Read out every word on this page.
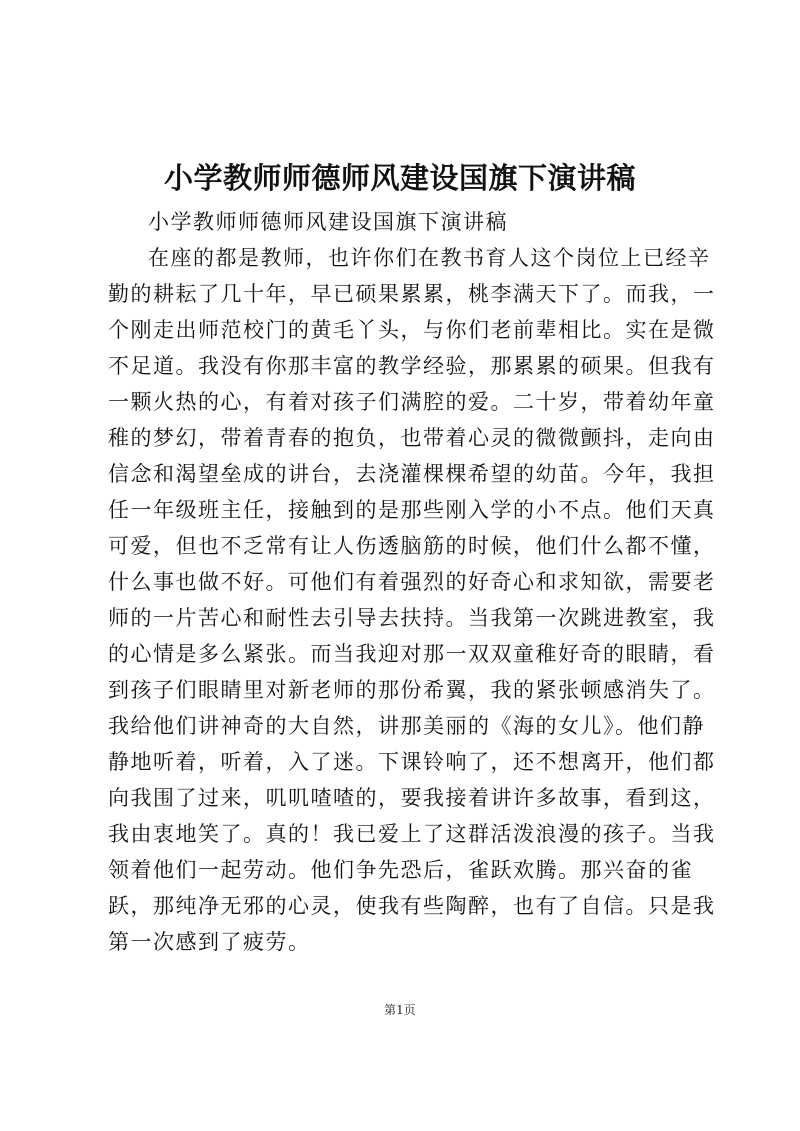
小学教师师德师风建设国旗下演讲稿
小学教师师德师风建设国旗下演讲稿
在座的都是教师，也许你们在教书育人这个岗位上已经辛
勤的耕耘了几十年，早已硕果累累，桃李满天下了。而我，一
个刚走出师范校门的黄毛丫头，与你们老前辈相比。实在是微
不足道。我没有你那丰富的教学经验，那累累的硕果。但我有
一颗火热的心，有着对孩子们满腔的爱。二十岁，带着幼年童
稚的梦幻，带着青春的抱负，也带着心灵的微微颤抖，走向由
信念和渴望垒成的讲台，去浇灌棵棵希望的幼苗。今年，我担
任一年级班主任，接触到的是那些刚入学的小不点。他们天真
可爱，但也不乏常有让人伤透脑筋的时候，他们什么都不懂，
什么事也做不好。可他们有着强烈的好奇心和求知欲，需要老
师的一片苦心和耐性去引导去扶持。当我第一次跳进教室，我
的心情是多么紧张。而当我迎对那一双双童稚好奇的眼睛，看
到孩子们眼睛里对新老师的那份希翼，我的紧张顿感消失了。
我给他们讲神奇的大自然，讲那美丽的《海的女儿》。他们静
静地听着，听着，入了迷。下课铃响了，还不想离开，他们都
向我围了过来，叽叽喳喳的，要我接着讲许多故事，看到这，
我由衷地笑了。真的！我已爱上了这群活泼浪漫的孩子。当我
领着他们一起劳动。他们争先恐后，雀跃欢腾。那兴奋的雀
跃，那纯净无邪的心灵，使我有些陶醉，也有了自信。只是我
第一次感到了疲劳。
第1页
